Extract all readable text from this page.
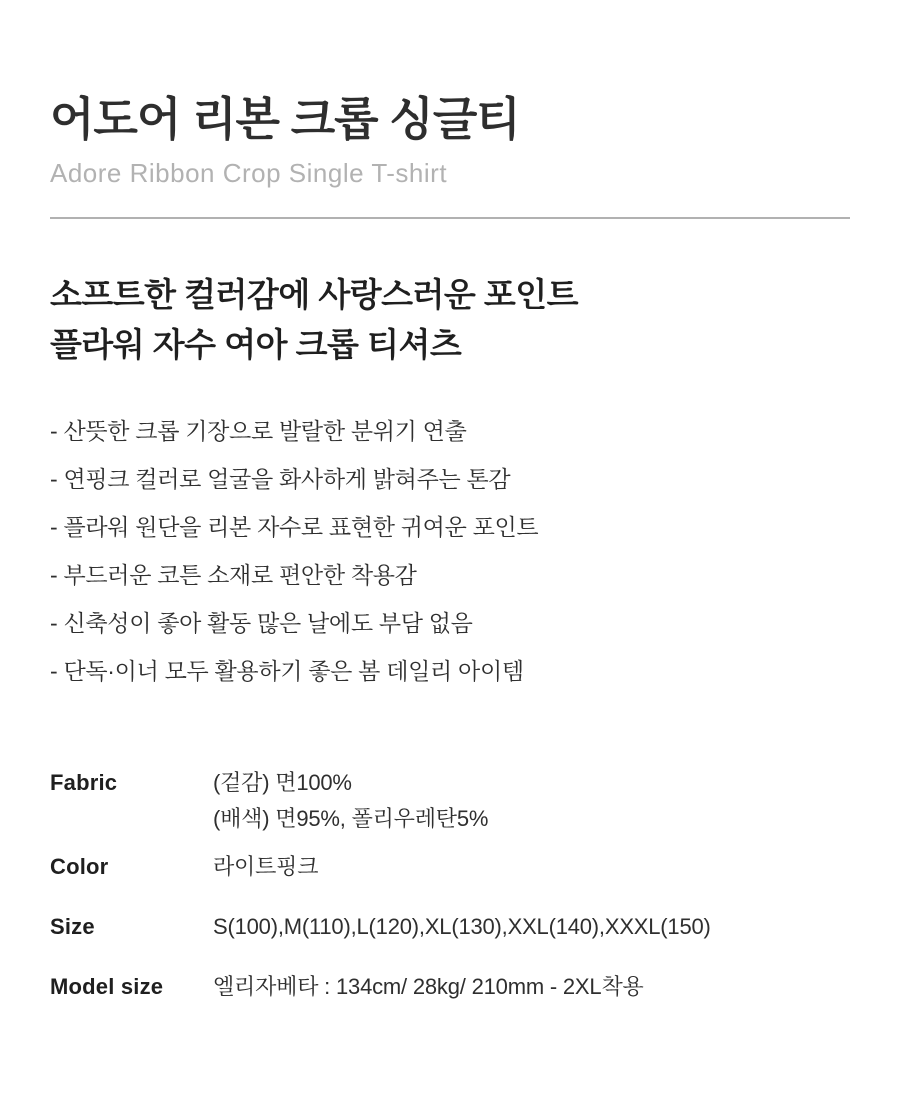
어도어 리본 크롭 싱글티
Adore Ribbon Crop Single T-shirt
소프트한 컬러감에 사랑스러운 포인트
플라워 자수 여아 크롭 티셔츠
- 산뜻한 크롭 기장으로 발랄한 분위기 연출
- 연핑크 컬러로 얼굴을 화사하게 밝혀주는 톤감
- 플라워 원단을 리본 자수로 표현한 귀여운 포인트
- 부드러운 코튼 소재로 편안한 착용감
- 신축성이 좋아 활동 많은 날에도 부담 없음
- 단독·이너 모두 활용하기 좋은 봄 데일리 아이템
Fabric	(겉감) 면100%
(배색) 면95%, 폴리우레탄5%
Color	라이트핑크
Size	S(100),M(110),L(120),XL(130),XXL(140),XXXL(150)
Model size	엘리자베타 : 134cm/ 28kg/ 210mm - 2XL착용
